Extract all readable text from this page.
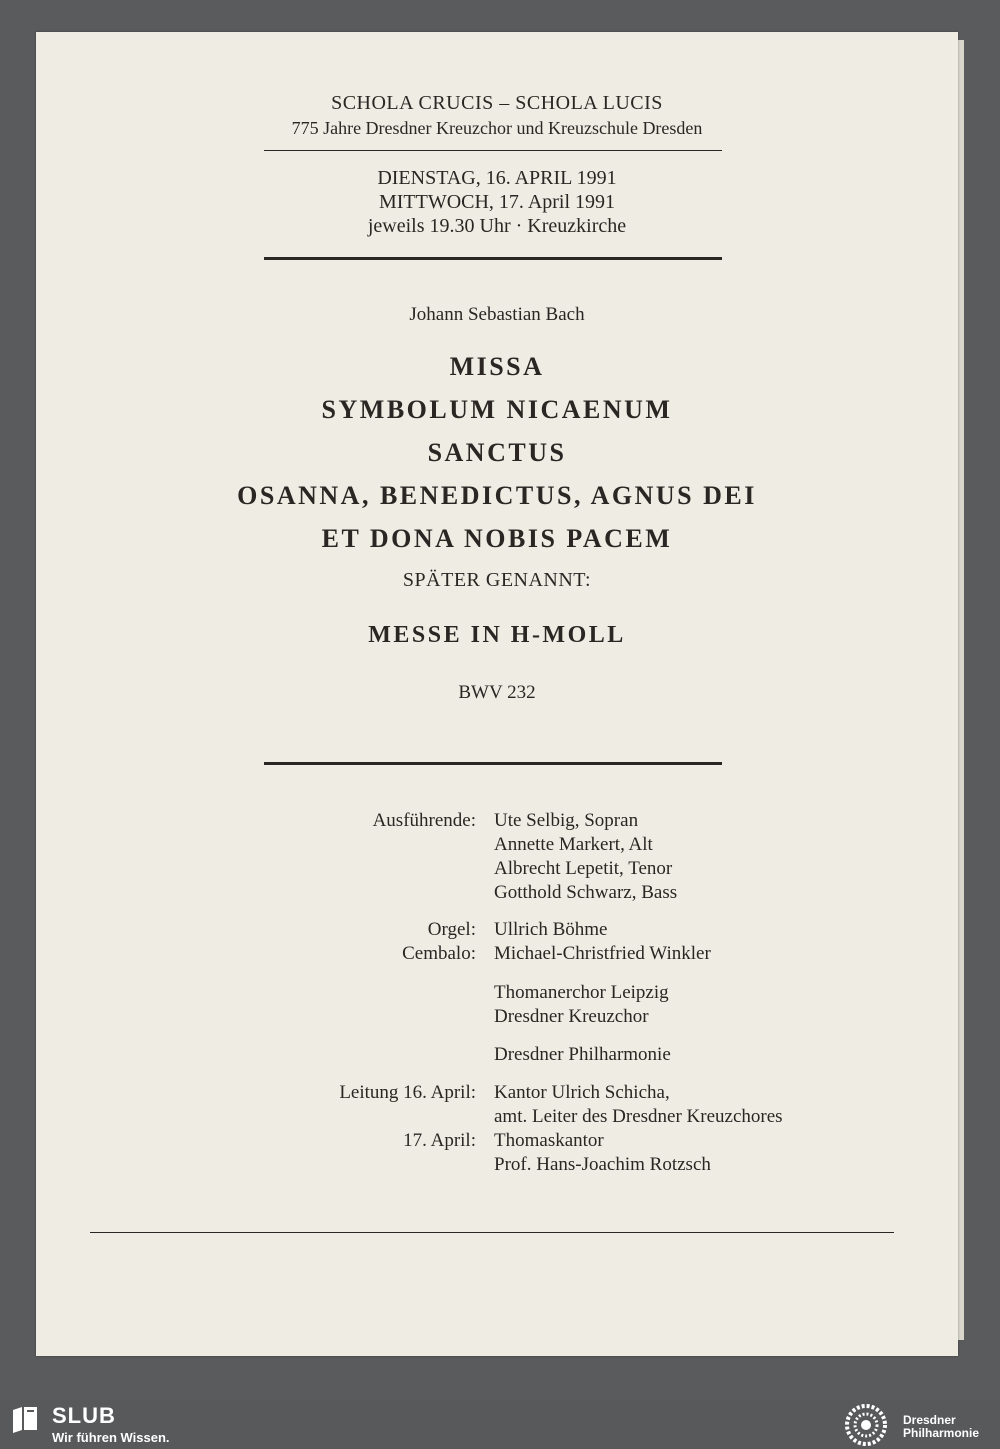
SCHOLA CRUCIS – SCHOLA LUCIS
775 Jahre Dresdner Kreuzchor und Kreuzschule Dresden
DIENSTAG, 16. APRIL 1991
MITTWOCH, 17. April 1991
jeweils 19.30 Uhr · Kreuzkirche
Johann Sebastian Bach
MISSA
SYMBOLUM NICAENUM
SANCTUS
OSANNA, BENEDICTUS, AGNUS DEI
ET DONA NOBIS PACEM
SPÄTER GENANNT:
MESSE IN H-MOLL
BWV 232
Ausführende: Ute Selbig, Sopran
Annette Markert, Alt
Albrecht Lepetit, Tenor
Gotthold Schwarz, Bass
Orgel: Ullrich Böhme
Cembalo: Michael-Christfried Winkler
Thomanerchor Leipzig
Dresdner Kreuzchor
Dresdner Philharmonie
Leitung 16. April: Kantor Ulrich Schicha,
amt. Leiter des Dresdner Kreuzchores
17. April: Thomaskantor
Prof. Hans-Joachim Rotzsch
SLUB
Wir führen Wissen.
Dresdner
Philharmonie
